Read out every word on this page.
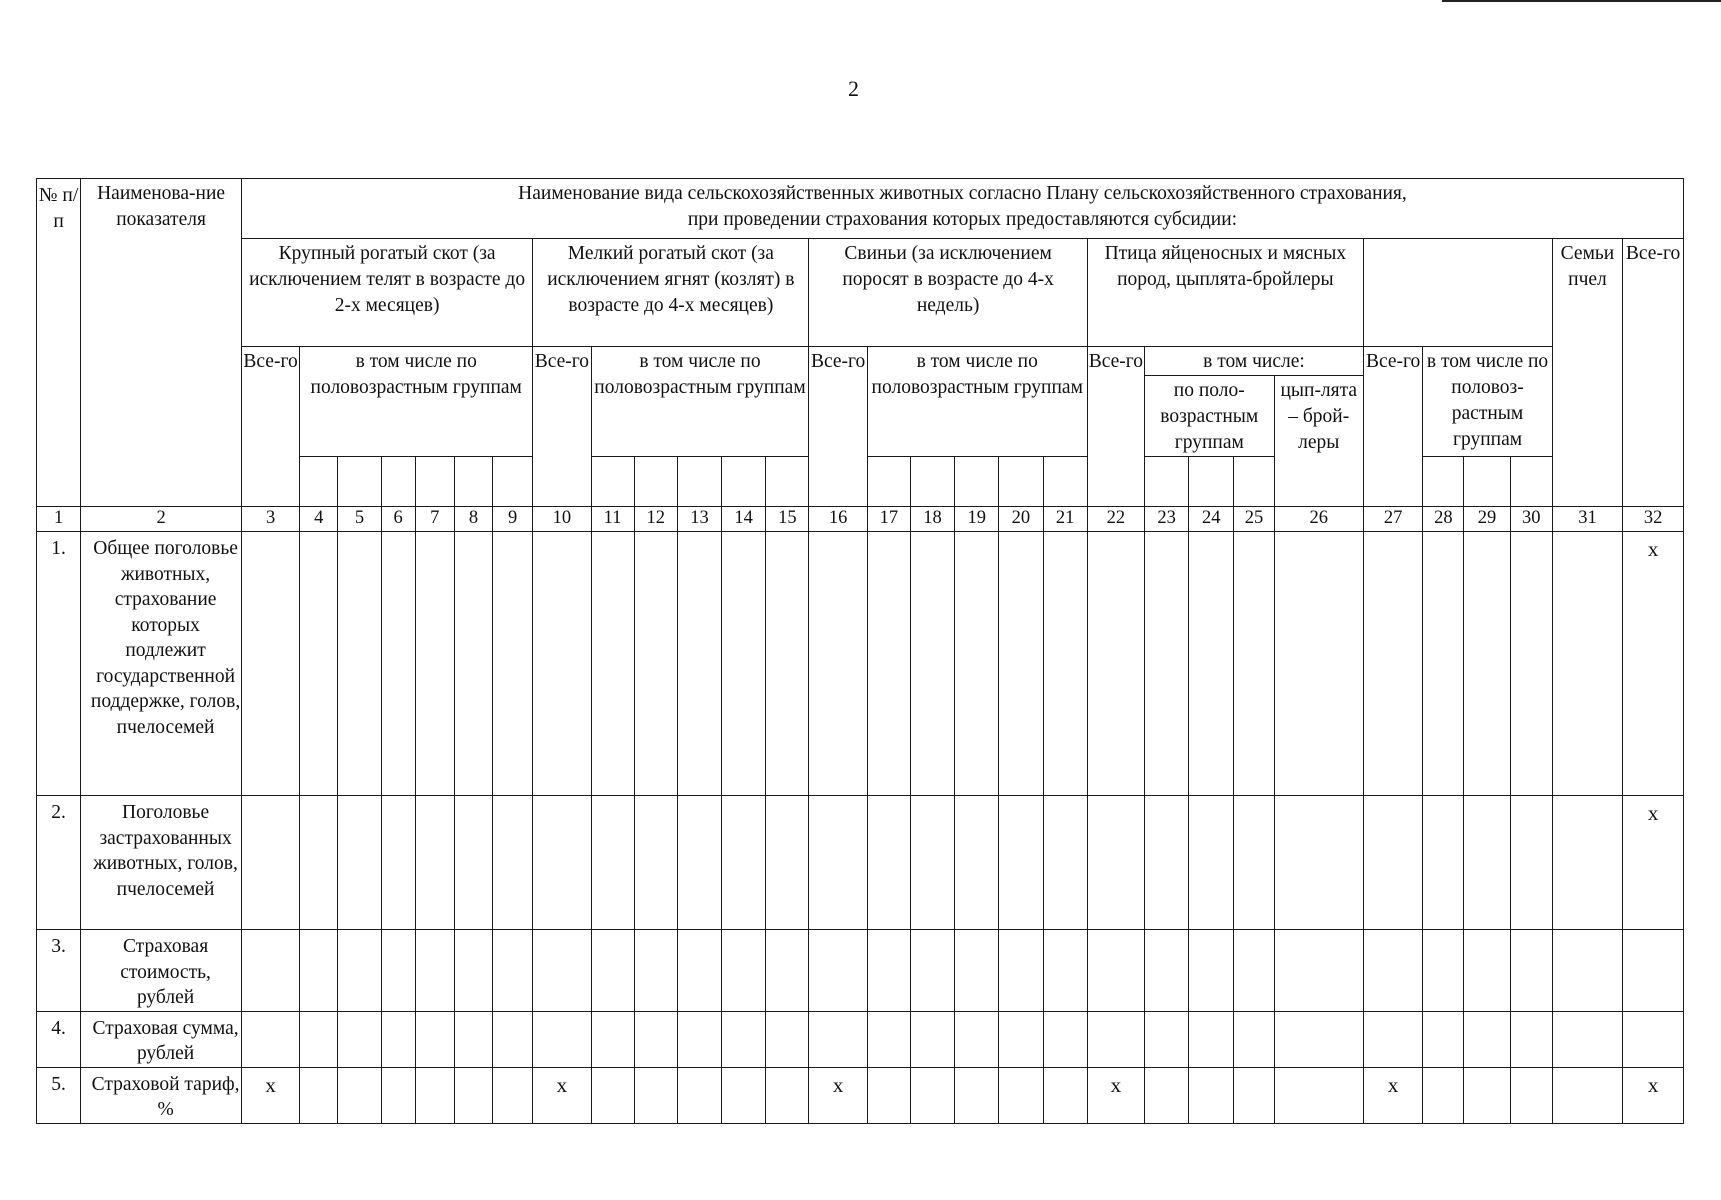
2
№ п/п	Наименова-ние показателя	Наименование вида сельскохозяйственных животных согласно Плану сельскохозяйственного страхования,
при проведении страхования которых предоставляются субсидии:																													

		Крупный рогатый скот (за исключением телят в возрасте до 2-х месяцев)							Мелкий рогатый скот (за исключением ягнят (козлят) в возрасте до 4-х месяцев)						Свиньи (за исключением поросят в возрасте до 4-х недель)						Птица яйценосных и мясных пород, цыплята-бройлеры									Семьи пчел	Все-го
		Все-го	в том числе по половозрастным группам						Все-го	в том числе по половозрастным группам					Все-го	в том числе по половозрастным группам					Все-го	в том числе:				Все-го	в том числе по половоз-растным группам				
																						по поло-возрастным группам			цып-лята – брой-леры						

1	2	3	4	5	6	7	8	9	10	11	12	13	14	15	16	17	18	19	20	21	22	23	24	25	26	27	28	29	30	31	32
1.	Общее поголовье животных, страхование которых подлежит государственной поддержке, голов, пчелосемей																														х
2.	Поголовье застрахованных животных, голов, пчелосемей																														х
3.	Страховая стоимость, рублей																														
4.	Страховая сумма, рублей																														
5.	Страховой тариф, %	х							х						х						х					х					х
